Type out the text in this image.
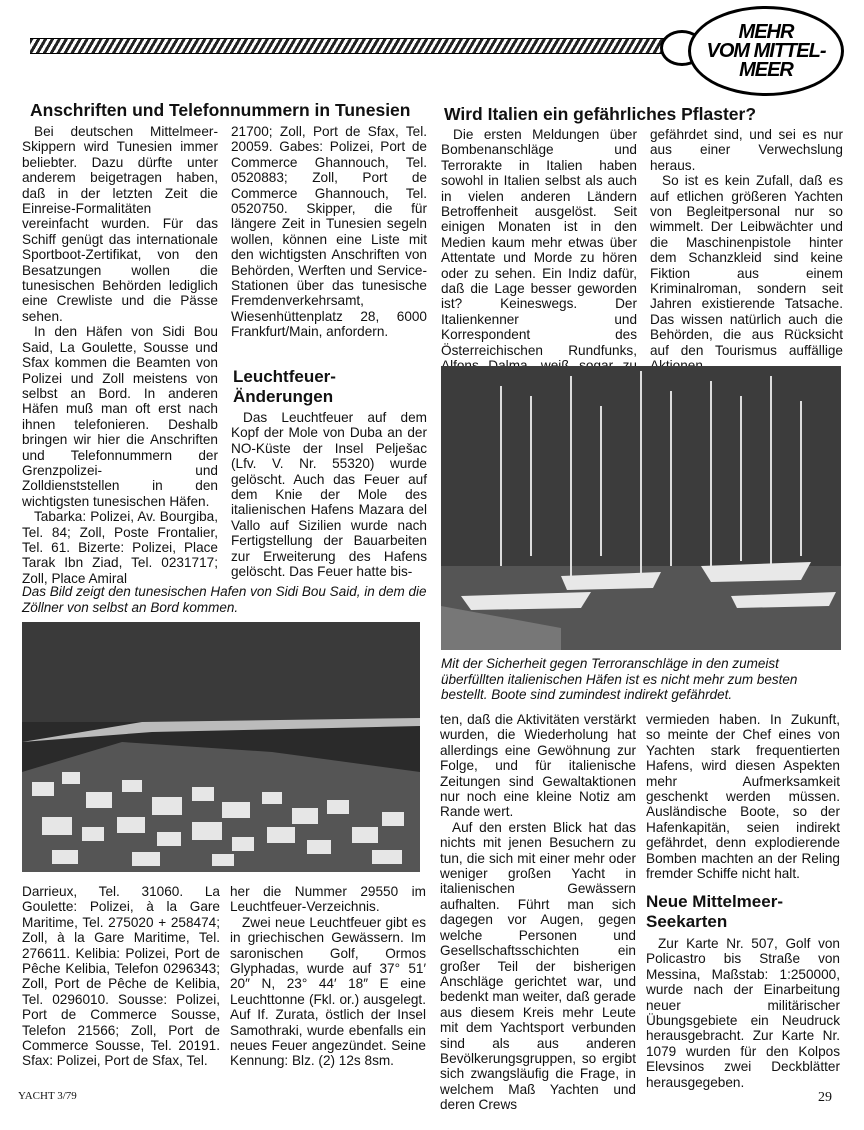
MEHR
VOM MITTEL-
MEER
Anschriften und Telefonnummern in Tunesien

Bei deutschen Mittelmeer-Skippern wird Tunesien immer beliebter. Dazu dürfte unter anderem beigetragen haben, daß in der letzten Zeit die Einreise-Formalitäten vereinfacht wurden. Für das Schiff genügt das internationale Sportboot-Zertifikat, von den Besatzungen wollen die tunesischen Behörden lediglich eine Crewliste und die Pässe sehen.

In den Häfen von Sidi Bou Said, La Goulette, Sousse und Sfax kommen die Beamten von Polizei und Zoll meistens von selbst an Bord. In anderen Häfen muß man oft erst nach ihnen telefonieren. Deshalb bringen wir hier die Anschriften und Telefonnummern der Grenzpolizei- und Zolldienststellen in den wichtigsten tunesischen Häfen.

Tabarka: Polizei, Av. Bourgiba, Tel. 84; Zoll, Poste Frontalier, Tel. 61. Bizerte: Polizei, Place Tarak Ibn Ziad, Tel. 0231717; Zoll, Place Amiral

21700; Zoll, Port de Sfax, Tel. 20059. Gabes: Polizei, Port de Commerce Ghannouch, Tel. 0520883; Zoll, Port de Commerce Ghannouch, Tel. 0520750. Skipper, die für längere Zeit in Tunesien segeln wollen, können eine Liste mit den wichtigsten Anschriften von Behörden, Werften und Service-Stationen über das tunesische Fremdenverkehrsamt, Wiesenhüttenplatz 28, 6000 Frankfurt/Main, anfordern.

Leuchtfeuer-Änderungen

Das Leuchtfeuer auf dem Kopf der Mole von Duba an der NO-Küste der Insel Pelješac (Lfv. V. Nr. 55320) wurde gelöscht. Auch das Feuer auf dem Knie der Mole des italienischen Hafens Mazara del Vallo auf Sizilien wurde nach Fertigstellung der Bauarbeiten zur Erweiterung des Hafens gelöscht. Das Feuer hatte bis-

Das Bild zeigt den tunesischen Hafen von Sidi Bou Said, in dem die Zöllner von selbst an Bord kommen.

Darrieux, Tel. 31060. La Goulette: Polizei, à la Gare Maritime, Tel. 275020 + 258474; Zoll, à la Gare Maritime, Tel. 276611. Kelibia: Polizei, Port de Pêche Kelibia, Telefon 0296343; Zoll, Port de Pêche de Kelibia, Tel. 0296010. Sousse: Polizei, Port de Commerce Sousse, Telefon 21566; Zoll, Port de Commerce Sousse, Tel. 20191. Sfax: Polizei, Port de Sfax, Tel.

her die Nummer 29550 im Leuchtfeuer-Verzeichnis.

Zwei neue Leuchtfeuer gibt es in griechischen Gewässern. Im saronischen Golf, Ormos Glyphadas, wurde auf 37° 51′ 20″ N, 23° 44′ 18″ E eine Leuchttonne (Fkl. or.) ausgelegt. Auf If. Zurata, östlich der Insel Samothraki, wurde ebenfalls ein neues Feuer angezündet. Seine Kennung: Blz. (2) 12s 8sm.

Wird Italien ein gefährliches Pflaster?

Die ersten Meldungen über Bombenanschläge und Terrorakte in Italien haben sowohl in Italien selbst als auch in vielen anderen Ländern Betroffenheit ausgelöst. Seit einigen Monaten ist in den Medien kaum mehr etwas über Attentate und Morde zu hören oder zu sehen. Ein Indiz dafür, daß die Lage besser geworden ist? Keineswegs. Der Italienkenner und Korrespondent des Österreichischen Rundfunks,

gefährdet sind, und sei es nur aus einer Verwechslung heraus.

So ist es kein Zufall, daß es auf etlichen größeren Yachten von Begleitpersonal nur so wimmelt. Der Leibwächter und die Maschinenpistole hinter dem Schanzkleid sind keine Fiktion aus einem Kriminalroman, sondern seit Jahren existierende Tatsache. Das wissen natürlich auch die Behörden, die aus Rücksicht auf den Tourismus auffällige

Mit der Sicherheit gegen Terroranschläge in den zumeist überfüllten italienischen Häfen ist es nicht mehr zum besten bestellt. Boote sind zumindest indirekt gefährdet.

ten, daß die Aktivitäten verstärkt wurden, die Wiederholung hat allerdings eine Gewöhnung zur Folge, und für italienische Zeitungen sind Gewaltaktionen nur noch eine kleine Notiz am Rande wert.

Auf den ersten Blick hat das nichts mit jenen Besuchern zu tun, die sich mit einer mehr oder weniger großen Yacht in italienischen Gewässern aufhalten. Führt man sich dagegen vor Augen, gegen welche Personen und Gesellschaftsschichten ein großer Teil der bisherigen Anschläge gerichtet war, und bedenkt man weiter, daß gerade aus diesem Kreis mehr Leute mit dem Yachtsport verbunden sind als aus anderen Bevölkerungsgruppen, so ergibt sich zwangsläufig die Frage, in welchem Maß Yachten und deren Crews

vermieden haben. In Zukunft, so meinte der Chef eines von Yachten stark frequentierten Hafens, wird diesen Aspekten mehr Aufmerksamkeit geschenkt werden müssen. Ausländische Boote, so der Hafenkapitän, seien indirekt gefährdet, denn explodierende Bomben machten an der Reling fremder Schiffe nicht halt.

Neue Mittelmeer-Seekarten

Zur Karte Nr. 507, Golf von Policastro bis Straße von Messina, Maßstab: 1:250000, wurde nach der Einarbeitung neuer militärischer Übungsgebiete ein Neudruck herausgebracht. Zur Karte Nr. 1079 wurden für den Kolpos Elevsinos zwei Deckblätter herausgegeben.

YACHT 3/79	29
